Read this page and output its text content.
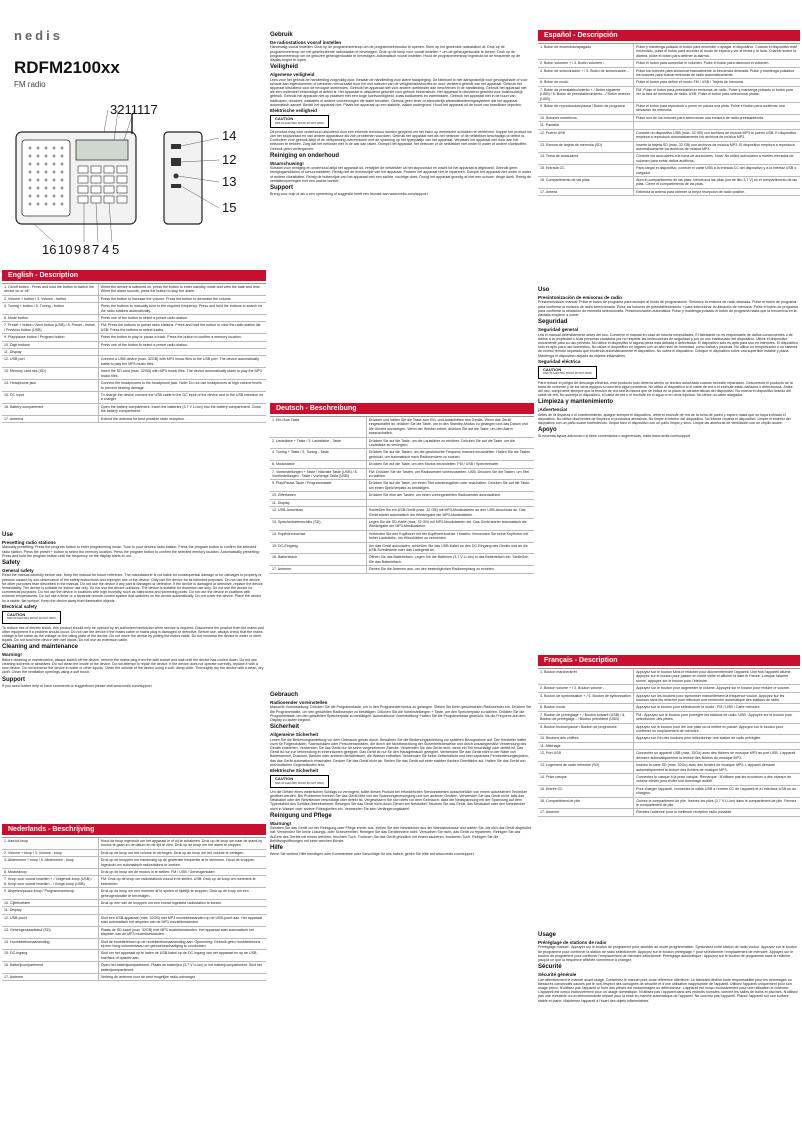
nedis
RDFM2100xx
FM radio
3211117
14
12
13
15
16 10 9 8 7 4 5
English - Description
1. On/off button - Press and hold the button to switch the device on or off.
When the device is switched on, press the button to enter standby mode and view the date and time. When the alarm sounds, press the button to stop the alarm.
2. Volume + button / 3. Volume - button	Press the button to increase the volume. Press the button to decrease the volume.
4. Tuning + button / 5. Tuning - button	Press the buttons to manually tune to the required frequency. Press and hold the buttons to search for the radio stations automatically.
6. Mode button	Press one of the button to select a preset radio station.
7. Preset + button / Next button (USB) / 8. Preset - button / Previous button (USB)
FM: Press the buttons to preset radio stations. Press and hold the button to view the radio station list. USB: Press the buttons to select tracks.
9. Play/pause button / Program button	Press the button to play or pause a track. Press the button to confirm a memory location.
10. Digit buttons	Press one of the button to select a preset radio station.
11. Display
12. USB port	Connect a USB device (max. 32GB) with MP3 music files to the USB port. The device automatically starts to play the MP3 music files.
13. Memory card slot (SD)	Insert the SD card (max. 32GB) with MP3 music files. The device automatically starts to play the MP3 music files.
14. Headphone jack	Connect the headphones to the headphone jack. Note: Do not use headphones at high volume levels to prevent hearing damage.
15. DC input	To charge the device connect the USB cable to the DC input of the device and to the USB interface on a charger.
16. Battery compartment	Open the battery compartment. Insert the batteries (3.7 V Li-ion) into the battery compartment. Close the battery compartment.
17. Antenna	Extend the antenna for best possible radio reception.
Use
Presetting radio stations

Manually presetting: Press the program button to enter programming mode. Tune to your desired radio station. Press the program button to confirm the selected radio station. Press the preset + button to select the memory location. Press the program button to confirm the selected memory location. Automatically presetting: Press and hold the program button until the frequency on the display starts to run.

Safety
General safety

Read the manual carefully before use. Keep the manual for future reference. The manufacturer is not liable for consequential damage or for damages to property or persons caused by non-observance of the safety instructions and improper use of the device. Only use the device for its intended purposes. Do not use the device for other purposes than described in the manual. Do not use the device if any part is damaged or defective. If the device is damaged or defective, replace the device immediately. The device is suitable for indoor use only. Do not use the device outdoors. The device is suitable for domestic use only. Do not use the device for commercial purposes. Do not use the device in locations with high humidity, such as bathrooms and swimming pools. Do not use the device in locations with extreme temperatures. Do not use a timer or a separate remote-control system that switches on the device automatically. Do not cover the device. Place the device on a stable, flat surface. Keep the device away from flammable objects.

Electrical safety
CAUTION
RISK OF ELECTRIC SHOCK DO NOT OPEN

To reduce risk of electric shock, this product should only be opened by an authorized technician when service is required. Disconnect the product from the mains and other equipment if a problem should occur. Do not use the device if the mains cable or mains plug is damaged or defective. Before use, always check that the mains voltage is the same as the voltage on the rating plate of the device. Do not move the device by pulling the mains cable. Do not immerse the device in water or other liquids. Do not touch the device with wet hands. Do not use an extension cable.

Cleaning and maintenance
Warning!

Before cleaning or maintenance, always switch off the device, remove the mains plug from the wall socket and wait until the device has cooled down. Do not use cleaning solvents or abrasives. Do not clean the inside of the device. Do not attempt to repair the device. If the device does not operate correctly, replace it with a new device. Do not immerse the device in water or other liquids. Clean the outside of the device using a soft, damp cloth. Thoroughly dry the device with a clean, dry cloth. Clean the ventilation openings using a soft brush.

Support

If you need further help or have comments or suggestions please visit www.nedis.com/support

Nederlands - Beschrijving
1. Aan/uit-knop	Houd de knop ingedrukt om het apparaat in of uit te schakelen. Druk op de knop om naar de stand-by modus te gaan en de datum en de tijd te zien. Druk op de knop om het alarm te stoppen.
2. Volume + knop / 3. Volume - knop	Druk op de knop om het volume te verhogen. Druk op de knop om het volume te verlagen.
4. Afstemmen + knop / 5. Afstemmen - knop	Druk op de knoppen om handmatig op de gewenste frequentie af te stemmen. Houd de knoppen ingedrukt om automatisch radiostations te zoeken.
6. Modusknop	Druk op de knop om de modus in te stellen: FM / USB / Geheugenkaart.
7. Knop voor vooraf instellen + / Volgende-knop (USB) / 8. Knop voor vooraf instellen - / Vorige-knop (USB)
FM: Druk op de knop om radiostations vooraf in te stellen. USB: Druk op de knop om nummers te selecteren.
9. Afspelen/pauze-knop / Programmeerknop	Druk op de knop om een nummer af te spelen of tijdelijk te stoppen. Druk op de knop om een geheugenlocatie te bevestigen.
10. Cijfertoetsen	Druk op een van de knoppen om een vooraf ingesteld radiostation te kiezen.
11. Display
12. USB-poort	Sluit een USB-apparaat (max. 32GB) met MP3 muziekbestanden op de USB-poort aan. Het apparaat start automatisch het afspelen van de MP3 muziekbestanden.
13. Geheugenkaartsleuf (SD)	Plaats de SD-kaart (max. 32GB) met MP3 muziekbestanden. Het apparaat start automatisch het afspelen van de MP3 muziekbestanden.
14. Hoofdtelefoonaansluiting	Sluit de hoofdtelefoon op de hoofdtelefoonaansluiting aan. Opmerking: Gebruik geen hoofdtelefoons bij een hoog volumeniveau om gehoorbeschadiging te voorkomen.
15. DC-ingang	Sluit om het apparaat op te laden de USB-kabel op de DC-ingang van het apparaat en op de USB-interface of oplader aan.
16. Batterijcompartiment	Open het batterijcompartiment. Plaats de batterijen (3.7 V Li-ion) in het batterijcompartiment. Sluit het batterijcompartiment.
17. Antenne	Verleng de antenne voor de best mogelijke radio-ontvangst.
Gebruik
De radiostations vooraf instellen

Handmatig vooraf instellen: Druk op de programmeerknop om de programmeermodus te openen. Stem op het gewenste radiostation af. Druk op de programmeerknop om het geselecteerde radiostation te bevestigen. Druk op de knop voor vooraf instellen + om de geheugenlocatie te kiezen. Druk op de programmeerknop om de gekozen geheugenlocatie te bevestigen. Automatisch vooraf instellen: Houd de programmeerknop ingedrukt tot de frequentie op de display begint te lopen.

Veiligheid
Algemene veiligheid

Lees voor het gebruik de handleiding zorgvuldig door. Bewaar de handleiding voor latere raadpleging. De fabrikant is niet aansprakelijk voor gevolgschade of voor schade aan eigendommen of personen veroorzaakt door het niet naleven van de veiligheidsinstructies en door verkeerd gebruik van het apparaat. Gebruik het apparaat uitsluitend voor de beoogde doeleinden. Gebruik het apparaat niet voor andere doeleinden dan beschreven in de handleiding. Gebruik het apparaat niet als een onderdeel beschadigd of defect is. Het apparaat is uitsluitend geschikt voor gebruik binnenshuis. Het apparaat is uitsluitend geschikt voor huishoudelijk gebruik. Gebruik het apparaat niet op plaatsen met een hoge luchtvochtigheid, zoals badkamers en zwembaden. Gebruik het apparaat niet in de buurt van badkuipen, douches, wastafels of andere voorzieningen die water bevatten. Gebruik geen timer of afzonderlijk afstandsbedieningssysteem dat het apparaat automatisch aanzet. Bedek het apparaat niet. Plaats het apparaat op een stabiele, vlakke ondergrond. Houd het apparaat uit de buurt van brandbare objecten.

Elektrische veiligheid
CAUTION
RISK OF ELECTRIC SHOCK DO NOT OPEN

Dit product mag voor onderhoud uitsluitend door een erkende technicus worden geopend om het risico op elektrische schokken te verkleinen. Koppel het product los van het stopcontact en van andere apparatuur als zich problemen voordoen. Gebruik het apparaat niet als het netsnoer of de netstekker beschadigd of defect is. Controleer voor gebruik altijd of de netspanning overeenkomt met de spanning op het typeplaatje van het apparaat. Verplaats het apparaat niet door aan het netsnoer te trekken. Zorg dat het netsnoer niet in de war kan raken. Dompel het apparaat, het netsnoer of de netstekker niet onder in water of andere vloeistoffen. Gebruik geen verlengsnoer.

Reiniging en onderhoud
Waarschuwing!

Schakel voor reiniging en onderhoud altijd het apparaat uit, verwijder de netstekker uit het stopcontact en wacht tot het apparaat is afgekoeld. Gebruik geen reinigingsmiddelen of schuurmiddelen. Reinig niet de binnenzijde van het apparaat. Probeer het apparaat niet te repareren. Dompel het apparaat niet onder in water of andere vloeistoffen. Reinig de buitenzijde van het apparaat met een zachte, vochtige doek. Droog het apparaat grondig af met een schone, droge doek. Reinig de ventilatieopeningen met een zachte borstel.

Support

Breng voor hulp of als u een opmerking of suggestie heeft een bezoek aan www.nedis.com/support

Deutsch - Beschreibung
1. Ein-/Aus-Taste	Drücken und halten Sie die Taste zum Ein- und Ausschalten des Geräts. Wenn das Gerät eingeschaltet ist, drücken Sie die Taste, um in den Standby-Modus zu gelangen und das Datum und die Uhrzeit anzuzeigen. Wenn der Wecker ertönt, drücken Sie auf die Taste, um den Alarm auszuschalten.
2. Lautstärke + Taste / 3. Lautstärke - Taste	Drücken Sie auf die Taste, um die Lautstärke zu erhöhen. Drücken Sie auf die Taste, um die Lautstärke zu verringern.
4. Tuning + Taste / 5. Tuning - Taste	Drücken Sie auf die Tasten, um die gewünschte Frequenz manuell einzustellen. Halten Sie die Tasten gedrückt, um automatisch nach Radiosendern zu suchen.
6. Modustaste	Drücken Sie auf die Taste, um den Modus einzustellen: FM / USB / Speicherkarte.
7. Voreinstellungen + Taste / Nächste Taste (USB) / 8. Voreinstellungen - Taste / Vorherige Taste (USB)
FM: Drücken Sie die Tasten, um Radiosender voreinzustellen. USB: Drücken Sie die Tasten, um Titel zu wählen.
9. Play/Pause-Taste / Programmtaste	Drücken Sie auf die Taste, um einen Titel wiederzugeben oder anzuhalten. Drücken Sie auf die Taste, um einen Speicherplatz zu bestätigen.
10. Ziffertasten	Drücken Sie eine der Tasten, um einen voreingestellten Radiosender auszuwählen.
11. Display
12. USB-Anschluss	Schließen Sie ein USB-Gerät (max. 32 GB) mit MP3-Musikdateien an den USB-Anschluss an. Das Gerät startet automatisch die Wiedergabe der MP3-Musikdateien.
13. Speicherkartenschlitz (SD)	Legen Sie die SD-Karte (max. 32 GB) mit MP3-Musikdateien ein. Das Gerät startet automatisch die Wiedergabe der MP3-Musikdateien.
14. Kopfhörerbuchse	Verbinden Sie den Kopfhörer mit der Kopfhörerbuchse. Hinweis: Verwenden Sie keine Kopfhörer mit hoher Lautstärke, um Hörschäden zu vermeiden.
15. DC-Eingang	Um das Gerät aufzuladen, schließen Sie das USB-Kabel an den DC-Eingang des Geräts und an die USB-Schnittstelle oder das Ladegerät an.
16. Batteriefach	Öffnen Sie das Batteriefach. Legen Sie die Batterien (3,7 V Li-Ion) in das Batteriefach ein. Schließen Sie das Batteriefach.
17. Antenne	Ziehen Sie die Antenne aus, um den bestmöglichen Radioempfang zu erzielen.
Gebrauch
Radiosender voreinstellen

Manuelle Voreinstellung: Drücken Sie die Programmtaste, um in den Programmiermodus zu gelangen. Stellen Sie Ihren gewünschten Radiosender ein. Drücken Sie die Programmtaste, um den gewählten Radiosender zu bestätigen. Drücken Sie die Voreinstellungen + Taste, um den Speicherplatz zu wählen. Drücken Sie die Programmtaste, um den gewählten Speicherplatz zu bestätigen. Automatische Voreinstellung: Halten Sie die Programmtaste gedrückt, bis die Frequenz auf dem Display zu laufen beginnt.

Sicherheit
Allgemeine Sicherheit

Lesen Sie die Bedienungsanleitung vor dem Gebrauch genau durch. Bewahren Sie die Bedienungsanleitung zur späteren Bezugnahme auf. Der Hersteller haftet nicht für Folgeschäden, Sachschäden oder Personenschäden, die durch die Nichtbeachtung der Sicherheitshinweise und durch unsachgemäße Verwendung des Geräts entstehen. Verwenden Sie das Gerät nur für seine vorgesehenen Zwecke. Verwenden Sie das Gerät nicht, wenn ein Teil beschädigt oder defekt ist. Das Gerät ist nur zur Verwendung in Innenräumen geeignet. Das Gerät ist nur für den Hausgebrauch geeignet. Verwenden Sie das Gerät nicht in der Nähe von Badewannen, Duschen, Becken oder anderen Behältnissen, die Wasser enthalten. Verwenden Sie keine Zeitschaltuhr und kein separates Fernbedienungssystem, das das Gerät automatisch einschaltet. Decken Sie das Gerät nicht ab. Stellen Sie das Gerät auf einer stabilen flachen Oberfläche auf. Halten Sie das Gerät von entzündlichen Gegenständen fern.

Elektrische Sicherheit
CAUTION
RISK OF ELECTRIC SHOCK DO NOT OPEN

Um die Gefahr eines elektrischen Schlags zu verringern, sollte dieses Produkt bei erforderlichen Servicearbeiten ausschließlich von einem autorisierten Techniker geöffnet werden. Bei Problemen trennen Sie das Gerät bitte von der Spannungsversorgung und von anderen Geräten. Verwenden Sie das Gerät nicht, falls das Netzkabel oder der Netzstecker beschädigt oder defekt ist. Vergewissern Sie sich stets vor dem Gebrauch, dass die Netzspannung mit der Spannung auf dem Typenschild des Gerätes übereinstimmt. Bewegen Sie das Gerät nicht durch Ziehen am Netzkabel. Tauchen Sie das Gerät, das Netzkabel oder den Netzstecker nicht in Wasser oder andere Flüssigkeiten ein. Verwenden Sie kein Verlängerungskabel.

Reinigung und Pflege
Warnung!

Schalten Sie das Gerät vor der Reinigung oder Pflege immer aus, ziehen Sie den Netzstecker aus der Wandsteckdose und warten Sie, bis sich das Gerät abgekühlt hat. Verwenden Sie keine Lösungs- oder Scheuermittel. Reinigen Sie das Geräteinnere nicht. Versuchen Sie nicht, das Gerät zu reparieren. Reinigen Sie das Äußere des Geräts mit einem weichen, feuchten Tuch. Trocknen Sie das Gerät gründlich mit einem sauberen, trockenen Tuch. Reinigen Sie die Belüftungsöffnungen mit einer weichen Bürste.

Hilfe

Wenn Sie weitere Hilfe benötigen oder Kommentare oder Vorschläge für uns haben, gehen Sie bitte auf www.nedis.com/support

Español - Descripción
1. Botón de encendido/apagado	Pulse y mantenga pulsado el botón para encender o apagar el dispositivo. Cuando el dispositivo esté encendido, pulse el botón para acceder al modo de espera y ver la fecha y la hora. Cuando suene la alarma, pulse el botón para detener la alarma.
2. Botón volumen + / 3. Botón volumen -	Pulse el botón para aumentar el volumen. Pulse el botón para disminuir el volumen.
4. Botón de sintonización + / 5. Botón de sintonización -	Pulse los botones para sintonizar manualmente la frecuencia deseada. Pulse y mantenga pulsados los botones para buscar emisoras de radio automáticamente.
6. Botón de modo	Pulse el botón para definir el modo: FM / USB / Tarjeta de memoria.
7. Botón de preestablecimiento + / Botón siguiente (USB) / 8. Botón de preestablecimiento - / Botón anterior (USB)
FM: Pulse el botón para preestablecer emisoras de radio. Pulse y mantenga pulsado el botón para ver la lista de emisoras de radio. USB: Pulse el botón para seleccionar pistas.
9. Botón de reproducción/pausa / Botón de programa	Pulse el botón para reproducir o poner en pausa una pista. Pulse el botón para confirmar una ubicación de memoria.
10. Botones numéricos	Pulse uno de los botones para seleccionar una emisora de radio preestablecida.
11. Pantalla
12. Puerto USB	Conecte un dispositivo USB (máx. 32 GB) con archivos de música MP3 al puerto USB. El dispositivo empieza a reproducir automáticamente los archivos de música MP3.
13. Ranura de tarjeta de memoria (SD)	Inserte la tarjeta SD (máx. 32 GB) con archivos de música MP3. El dispositivo empieza a reproducir automáticamente los archivos de música MP3.
14. Toma de auriculares	Conecte los auriculares a la toma de auriculares. Nota: No utilice auriculares a niveles elevados de volumen para evitar daños auditivos.
15. Entrada CC	Para cargar el dispositivo, conecte el cable USB a la entrada CC del dispositivo y a la interfaz USB o cargador.
16. Compartimento de las pilas	Abra el compartimento de las pilas. Introduzca las pilas (ion de litio 3,7 V) en el compartimento de las pilas. Cierre el compartimento de las pilas.
17. Antena	Extienda la antena para obtener la mejor recepción de radio posible.
Uso
Presintonización de emisoras de radio

Presintonización manual: Pulse el botón de programa para acceder al modo de programación. Sintonice la emisora de radio deseada. Pulse el botón de programa para confirmar la emisora de radio seleccionada. Pulse los botones de preestablecimiento + para seleccionar la ubicación de memoria. Pulse el botón de programa para confirmar la ubicación de memoria seleccionada. Presintonización automática: Pulse y mantenga pulsado el botón de programa hasta que la frecuencia en la pantalla empiece a correr.

Seguridad
Seguridad general

Lea el manual detenidamente antes del uso. Conserve el manual en caso de futuras necesidades. El fabricante no es responsable de daños consecuentes o de daños a la propiedad o a las personas causados por no respetar las instrucciones de seguridad y por un uso inadecuado del dispositivo. Utilice el dispositivo únicamente para su uso previsto. No utilice el dispositivo si alguna pieza está dañada o defectuosa. El dispositivo sólo es apto para uso en interiores. El dispositivo sólo es apto para uso doméstico. No utilice el dispositivo en lugares con un alto nivel de humedad, como baños y piscinas. No utilice un temporizador o un sistema de control remoto separado que encienda automáticamente el dispositivo. No cubra el dispositivo. Coloque el dispositivo sobre una superficie estable y plana. Mantenga el dispositivo alejado de objetos inflamables.

Seguridad eléctrica
CAUTION
RISK OF ELECTRIC SHOCK DO NOT OPEN

Para reducir el peligro de descarga eléctrica, este producto solo debería abrirlo un técnico autorizado cuando necesite reparación. Desconecte el producto de la toma de corriente y de los otros equipos si ocurriera algún problema. No utilice el dispositivo si el cable de red o el enchufe están dañados o defectuosos. Antes del uso, compruebe siempre que la tensión de red sea la misma que se indica en la placa de características del dispositivo. No mueva el dispositivo tirando del cable de red. No sumerja el dispositivo, el cable de red o el enchufe en el agua ni en otros líquidos. No utilice un cable alargador.

Limpieza y mantenimiento
¡Advertencia!

Antes de la limpieza o el mantenimiento, apague siempre el dispositivo, retire el enchufe de red de la toma de pared y espere hasta que se haya enfriado el dispositivo. No utilice disolventes de limpieza ni productos abrasivos. No limpie el interior del dispositivo. No intente reparar el dispositivo. Limpie el exterior del dispositivo con un paño suave humedecido. Seque bien el dispositivo con un paño limpio y seco. Limpie las aberturas de ventilación con un cepillo suave.

Apoyo

Si necesita ayuda adicional o si tiene comentarios o sugerencias, visite www.nedis.com/support

Français - Description
1. Bouton marche/arrêt	Appuyez sur le bouton sans le relâcher pour allumer/éteindre l'appareil. Une fois l'appareil allumé, appuyez sur le bouton pour passer en mode veille et afficher la date et l'heure. Lorsque l'alarme sonne, appuyez sur le bouton pour l'éteindre.
2. Bouton volume + / 3. Bouton volume -	Appuyez sur le bouton pour augmenter le volume. Appuyez sur le bouton pour réduire le volume.
4. Bouton de syntonisation + / 5. Bouton de syntonisation -
Appuyez sur les boutons pour syntoniser manuellement la fréquence voulue. Appuyez sur les boutons sans les relâcher pour effectuer une recherche automatique des stations de radio.
6. Bouton mode	Appuyez sur le bouton pour sélectionner le mode : FM / USB / Carte mémoire.
7. Bouton de préréglage + / Bouton suivant (USB) / 8. Bouton de préréglage - / Bouton précédent (USB)
FM : Appuyez sur le bouton pour prérégler les stations de radio. USB : Appuyez sur le bouton pour sélectionner des pistes.
9. Bouton lecture/pause / Bouton de programme	Appuyez sur le bouton pour lire une piste ou la mettre en pause. Appuyez sur le bouton pour confirmer un emplacement de mémoire.
10. Boutons des chiffres	Appuyez sur l'un des boutons pour sélectionner une station de radio préréglée.
11. Affichage
12. Port USB	Connectez un appareil USB (max. 32Go) avec des fichiers de musique MP3 au port USB. L'appareil démarre automatiquement la lecture des fichiers de musique MP3.
13. Logement de carte mémoire (SD)	Insérez la carte SD (max. 32Go) avec des fichiers de musique MP3. L'appareil démarre automatiquement la lecture des fichiers de musique MP3.
14. Prise casque	Connectez le casque à la prise casque. Remarque : N'utilisez pas les écouteurs à des niveaux de volume élevés pour éviter tout dommage auditif.
15. Entrée CC	Pour charger l'appareil, connectez le câble USB à l'entrée CC de l'appareil et à l'interface USB ou au chargeur.
16. Compartiment de pile	Ouvrez le compartiment de pile. Insérez les piles (3,7 V Li-ion) dans le compartiment de pile. Fermez le compartiment de pile.
17. Antenne	Étendez l'antenne pour la meilleure réception radio possible.
Usage
Préréglage de stations de radio

Préréglage manuel : Appuyez sur le bouton de programme pour accéder au mode programmation. Syntonisez votre station de radio voulue. Appuyez sur le bouton de programme pour confirmer la station de radio sélectionnée. Appuyez sur le bouton préréglage + pour sélectionner l'emplacement de mémoire. Appuyez sur le bouton de programme pour confirmer l'emplacement de mémoire sélectionné. Préréglage automatique : Appuyez sur le bouton de programme sans le relâcher jusqu'à ce que la fréquence affichée commence à changer.

Sécurité
Sécurité générale

Lire attentivement le manuel avant usage. Conservez le manuel pour toute référence ultérieure. Le fabricant décline toute responsabilité pour les dommages ou blessures consécutifs causés par le non-respect des consignes de sécurité et d'une utilisation inappropriée de l'appareil. Utilisez l'appareil uniquement pour son usage prévu. N'utilisez pas l'appareil si l'une des pièces est endommagée ou défectueuse. L'appareil est conçu exclusivement pour une utilisation en intérieur. L'appareil est conçu exclusivement pour un usage domestique. N'utilisez pas l'appareil dans des endroits humides, comme les salles de bains et piscines. N'utilisez pas une minuterie ou un télécommande séparé pour la mise en marche automatique de l'appareil. Ne couvrez pas l'appareil. Placez l'appareil sur une surface stable et plane. Maintenez l'appareil à l'écart des objets inflammables.
